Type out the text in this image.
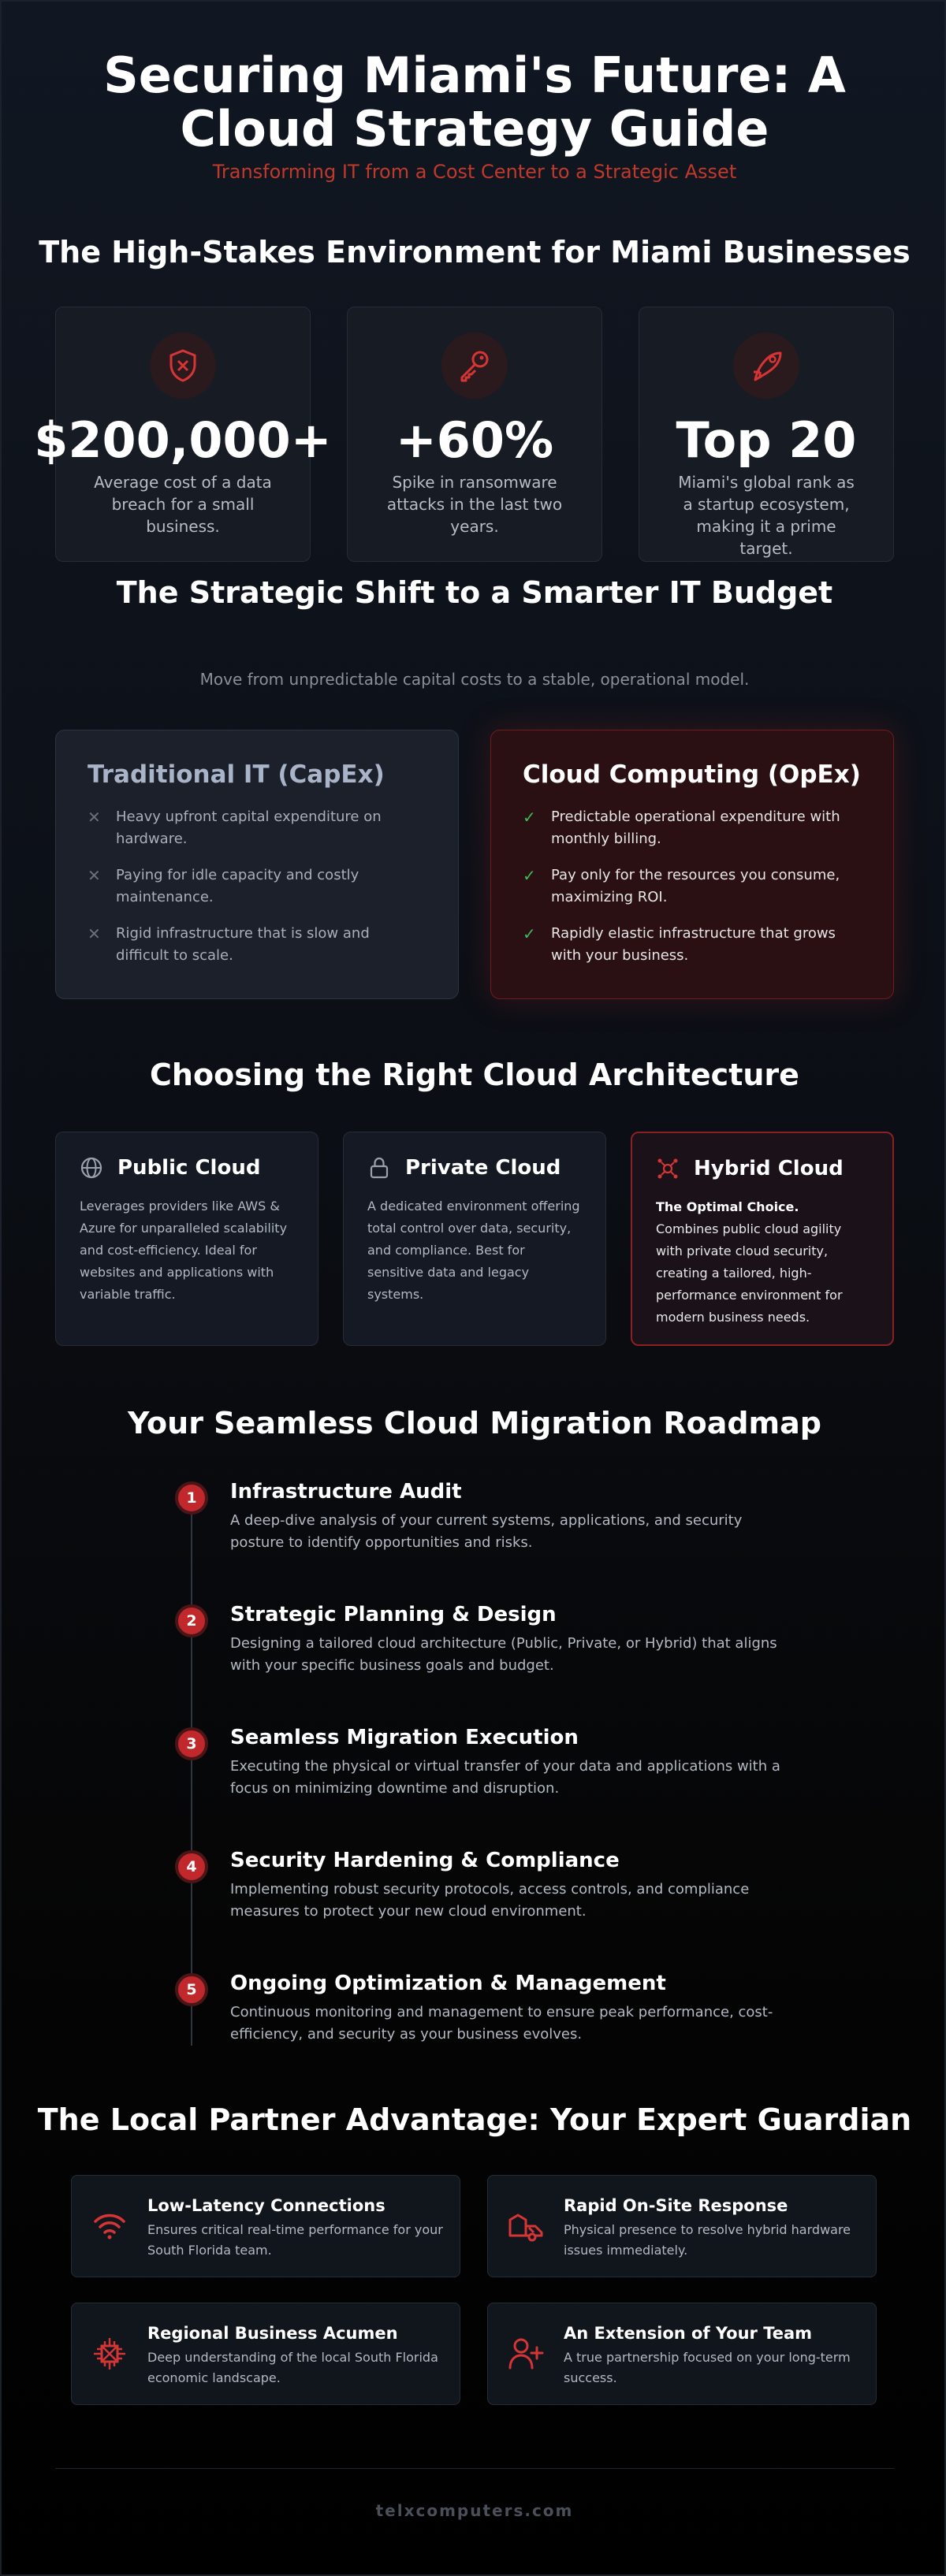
Securing Miami's Future: A
Cloud Strategy Guide
Transforming IT from a Cost Center to a Strategic Asset
The High-Stakes Environment for Miami Businesses
$200,000+
Average cost of a data breach for a small business.
+60%
Spike in ransomware attacks in the last two years.
Top 20
Miami's global rank as a startup ecosystem, making it a prime target.
The Strategic Shift to a Smarter IT Budget
Move from unpredictable capital costs to a stable, operational model.
Traditional IT (CapEx)
✕	Heavy upfront capital expenditure on hardware.
✕	Paying for idle capacity and costly maintenance.
✕	Rigid infrastructure that is slow and difficult to scale.
Cloud Computing (OpEx)
✓	Predictable operational expenditure with monthly billing.
✓	Pay only for the resources you consume, maximizing ROI.
✓	Rapidly elastic infrastructure that grows with your business.
Choosing the Right Cloud Architecture
Public Cloud
Leverages providers like AWS & Azure for unparalleled scalability and cost-efficiency. Ideal for websites and applications with variable traffic.
Private Cloud
A dedicated environment offering total control over data, security, and compliance. Best for sensitive data and legacy systems.
Hybrid Cloud
The Optimal Choice.
Combines public cloud agility with private cloud security, creating a tailored, high-performance environment for modern business needs.
Your Seamless Cloud Migration Roadmap
1	Infrastructure Audit
A deep-dive analysis of your current systems, applications, and security posture to identify opportunities and risks.
2	Strategic Planning & Design
Designing a tailored cloud architecture (Public, Private, or Hybrid) that aligns with your specific business goals and budget.
3	Seamless Migration Execution
Executing the physical or virtual transfer of your data and applications with a focus on minimizing downtime and disruption.
4	Security Hardening & Compliance
Implementing robust security protocols, access controls, and compliance measures to protect your new cloud environment.
5	Ongoing Optimization & Management
Continuous monitoring and management to ensure peak performance, cost-efficiency, and security as your business evolves.
The Local Partner Advantage: Your Expert Guardian
Low-Latency Connections
Ensures critical real-time performance for your South Florida team.
Rapid On-Site Response
Physical presence to resolve hybrid hardware issues immediately.
Regional Business Acumen
Deep understanding of the local South Florida economic landscape.
An Extension of Your Team
A true partnership focused on your long-term success.
telxcomputers.com
